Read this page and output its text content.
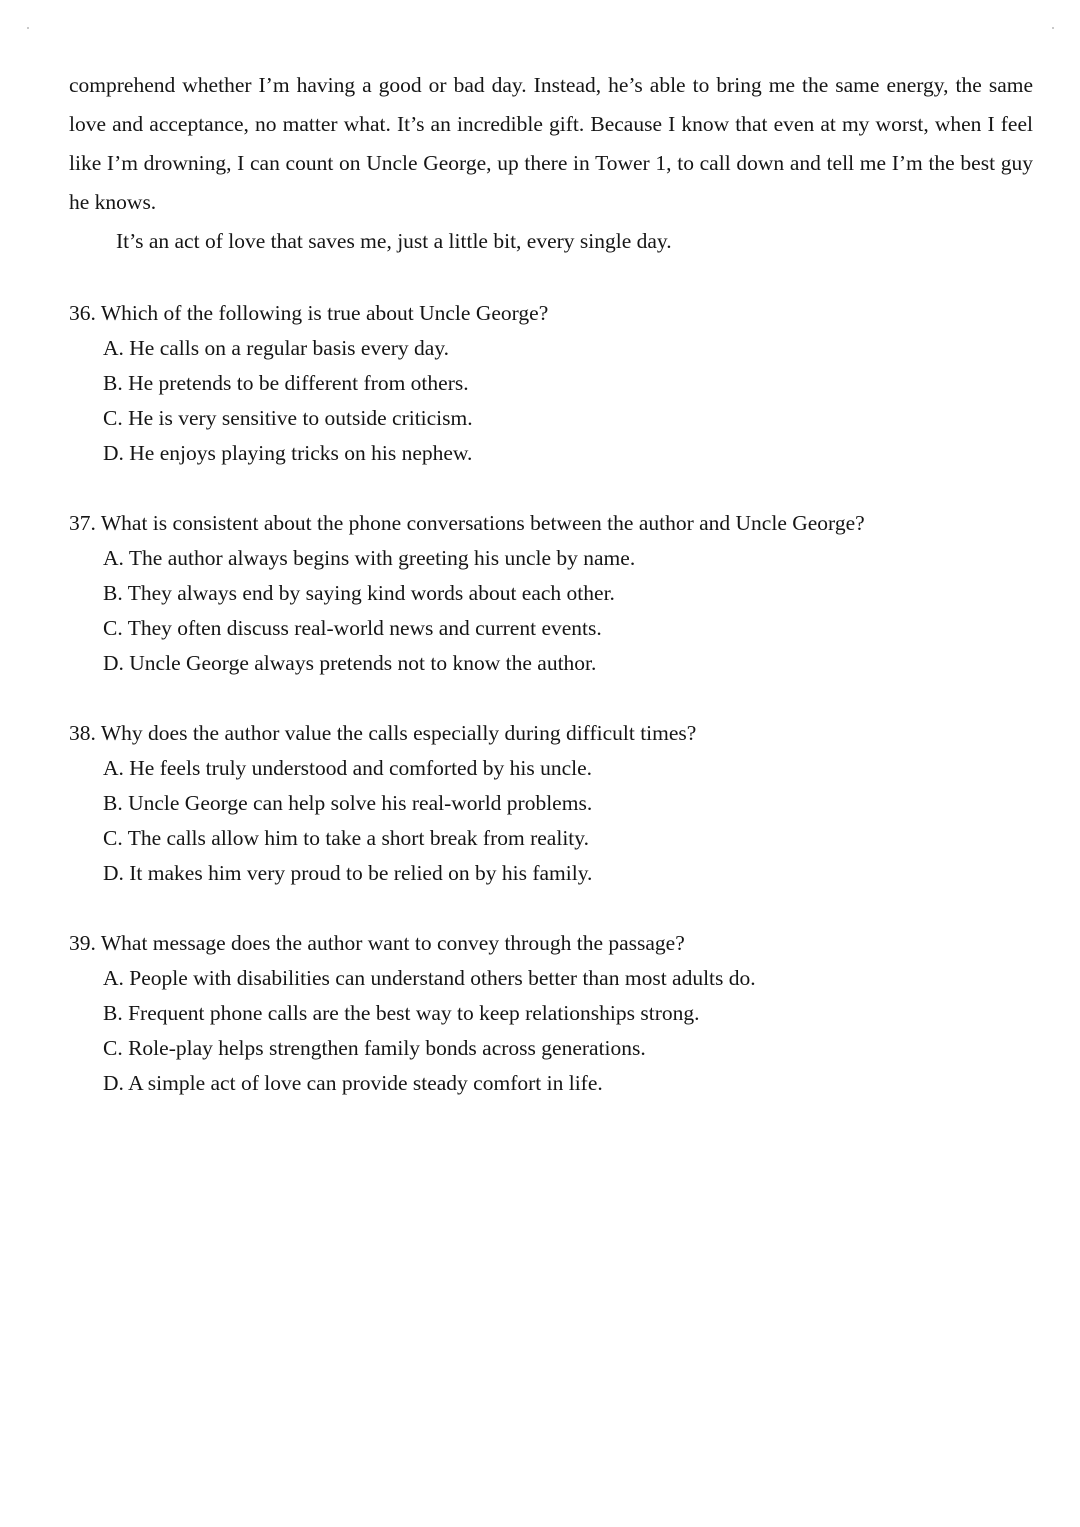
comprehend whether I’m having a good or bad day. Instead, he’s able to bring me the same energy, the same love and acceptance, no matter what. It’s an incredible gift. Because I know that even at my worst, when I feel like I’m drowning, I can count on Uncle George, up there in Tower 1, to call down and tell me I’m the best guy he knows.

It’s an act of love that saves me, just a little bit, every single day.

36. Which of the following is true about Uncle George?

A. He calls on a regular basis every day.
B. He pretends to be different from others.
C. He is very sensitive to outside criticism.
D. He enjoys playing tricks on his nephew.

37. What is consistent about the phone conversations between the author and Uncle George?

A. The author always begins with greeting his uncle by name.
B. They always end by saying kind words about each other.
C. They often discuss real-world news and current events.
D. Uncle George always pretends not to know the author.

38. Why does the author value the calls especially during difficult times?

A. He feels truly understood and comforted by his uncle.
B. Uncle George can help solve his real-world problems.
C. The calls allow him to take a short break from reality.
D. It makes him very proud to be relied on by his family.

39. What message does the author want to convey through the passage?

A. People with disabilities can understand others better than most adults do.
B. Frequent phone calls are the best way to keep relationships strong.
C. Role-play helps strengthen family bonds across generations.
D. A simple act of love can provide steady comfort in life.
